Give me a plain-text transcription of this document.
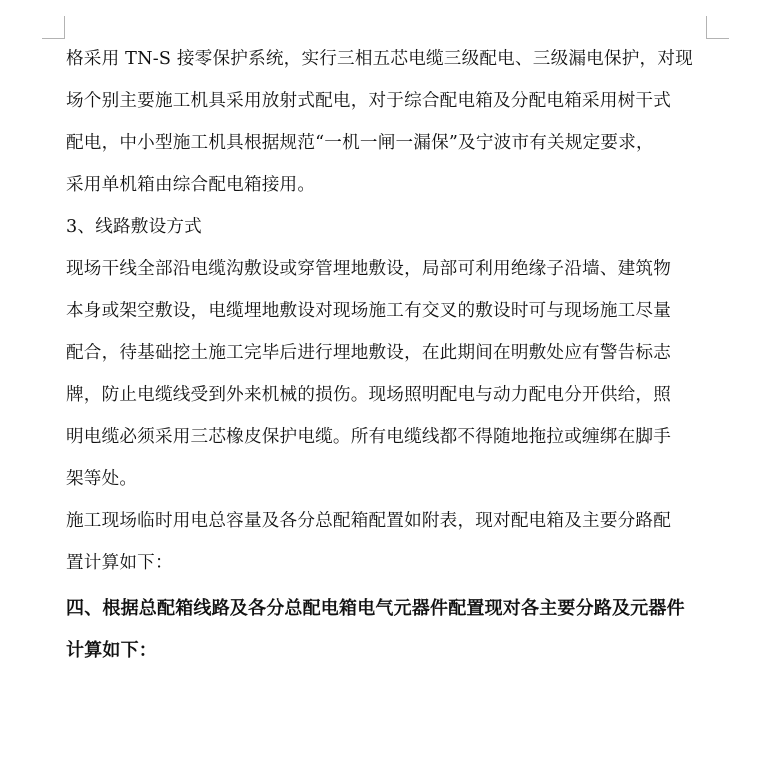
格采用 TN-S 接零保护系统，实行三相五芯电缆三级配电、三级漏电保护，对现
场个别主要施工机具采用放射式配电，对于综合配电箱及分配电箱采用树干式
配电，中小型施工机具根据规范“一机一闸一漏保”及宁波市有关规定要求，
采用单机箱由综合配电箱接用。
3、线路敷设方式
现场干线全部沿电缆沟敷设或穿管埋地敷设，局部可利用绝缘子沿墙、建筑物
本身或架空敷设，电缆埋地敷设对现场施工有交叉的敷设时可与现场施工尽量
配合，待基础挖土施工完毕后进行埋地敷设，在此期间在明敷处应有警告标志
牌，防止电缆线受到外来机械的损伤。现场照明配电与动力配电分开供给，照
明电缆必须采用三芯橡皮保护电缆。所有电缆线都不得随地拖拉或缠绑在脚手
架等处。
施工现场临时用电总容量及各分总配箱配置如附表，现对配电箱及主要分路配
置计算如下：
四、根据总配箱线路及各分总配电箱电气元器件配置现对各主要分路及元器件
计算如下：
